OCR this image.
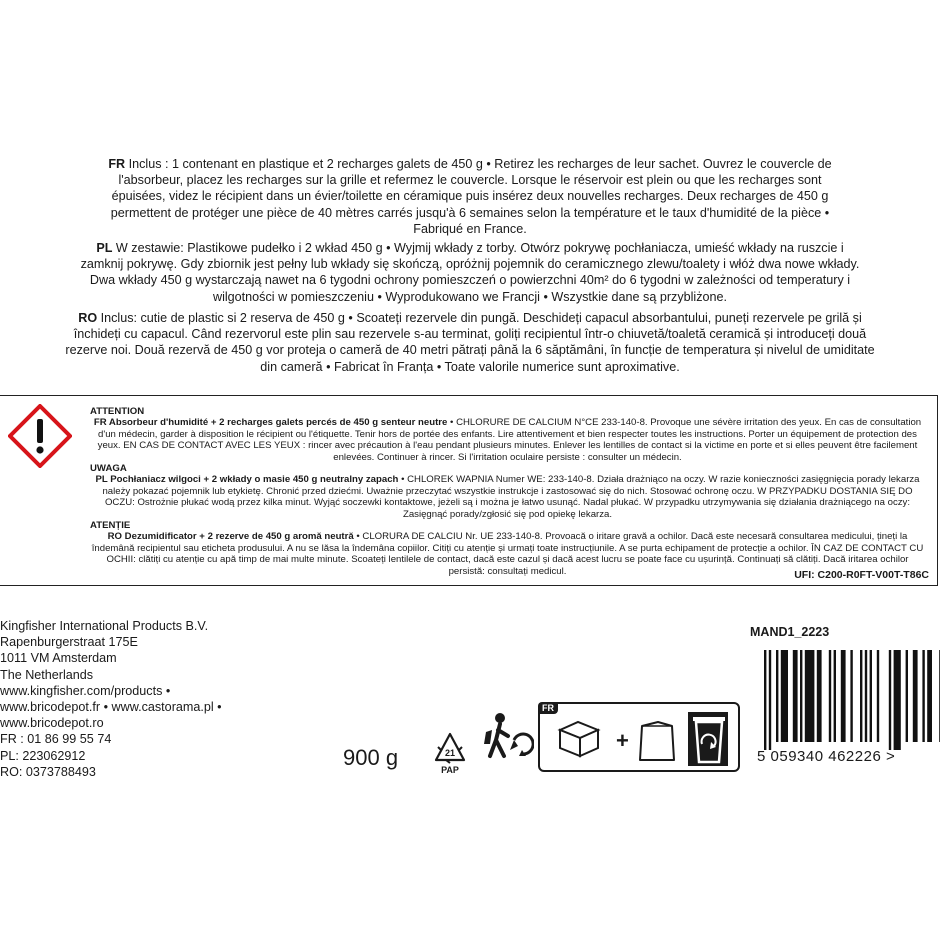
FR Inclus : 1 contenant en plastique et 2 recharges galets de 450 g • Retirez les recharges de leur sachet. Ouvrez le couvercle de
l'absorbeur, placez les recharges sur la grille et refermez le couvercle. Lorsque le réservoir est plein ou que les recharges sont
épuisées, videz le récipient dans un évier/toilette en céramique puis insérez deux nouvelles recharges. Deux recharges de 450 g
permettent de protéger une pièce de 40 mètres carrés jusqu'à 6 semaines selon la température et le taux d'humidité de la pièce •
Fabriqué en France.
PL W zestawie: Plastikowe pudełko i 2 wkład 450 g • Wyjmij wkłady z torby. Otwórz pokrywę pochłaniacza, umieść wkłady na ruszcie i
zamknij pokrywę. Gdy zbiornik jest pełny lub wkłady się skończą, opróżnij pojemnik do ceramicznego zlewu/toalety i włóż dwa nowe wkłady.
Dwa wkłady 450 g wystarczają nawet na 6 tygodni ochrony pomieszczeń o powierzchni 40m² do 6 tygodni w zależności od temperatury i
wilgotności w pomieszczeniu • Wyprodukowano we Francji • Wszystkie dane są przybliżone.
RO Inclus: cutie de plastic si 2 reserva de 450 g • Scoateți rezervele din pungă. Deschideți capacul absorbantului, puneți rezervele pe grilă și
închideți cu capacul. Când rezervorul este plin sau rezervele s-au terminat, goliți recipientul într-o chiuvetă/toaletă ceramică și introduceți două
rezerve noi. Două rezervă de 450 g vor proteja o cameră de 40 metri pătrați până la 6 săptămâni, în funcție de temperatura și nivelul de umiditate
din cameră • Fabricat în Franța • Toate valorile numerice sunt aproximative.
ATTENTION
FR Absorbeur d'humidité + 2 recharges galets percés de 450 g senteur neutre • CHLORURE DE CALCIUM N°CE 233-140-8. Provoque une sévère irritation des yeux. En cas de consultation d'un médecin, garder à disposition le récipient ou l'étiquette. Tenir hors de portée des enfants. Lire attentivement et bien respecter toutes les instructions. Porter un équipement de protection des yeux. EN CAS DE CONTACT AVEC LES YEUX : rincer avec précaution à l'eau pendant plusieurs minutes. Enlever les lentilles de contact si la victime en porte et si elles peuvent être facilement enlevées. Continuer à rincer. Si l'irritation oculaire persiste : consulter un médecin.
UWAGA
PL Pochłaniacz wilgoci + 2 wkłady o masie 450 g neutralny zapach • CHLOREK WAPNIA Numer WE: 233-140-8. Działa drażniąco na oczy. W razie konieczności zasięgnięcia porady lekarza należy pokazać pojemnik lub etykietę. Chronić przed dziećmi. Uważnie przeczytać wszystkie instrukcje i zastosować się do nich. Stosować ochronę oczu. W PRZYPADKU DOSTANIA SIĘ DO OCZU: Ostrożnie płukać wodą przez kilka minut. Wyjąć soczewki kontaktowe, jeżeli są i można je łatwo usunąć. Nadal płukać. W przypadku utrzymywania się działania drażniącego na oczy: Zasięgnąć porady/zgłosić się pod opiekę lekarza.
ATENȚIE
RO Dezumidificator + 2 rezerve de 450 g aromă neutră • CLORURA DE CALCIU Nr. UE 233-140-8. Provoacă o iritare gravă a ochilor. Dacă este necesară consultarea medicului, țineți la îndemână recipientul sau eticheta produsului. A nu se lăsa la îndemâna copiilor. Citiți cu atenție și urmați toate instrucțiunile. A se purta echipament de protecție a ochilor. ÎN CAZ DE CONTACT CU OCHII: clătiți cu atenție cu apă timp de mai multe minute. Scoateți lentilele de contact, dacă este cazul și dacă acest lucru se poate face cu ușurință. Continuați să clătiți. Dacă iritarea ochilor persistă: consultați medicul.	UFI: C200-R0FT-V00T-T86C
Kingfisher International Products B.V.
Rapenburgerstraat 175E
1011 VM Amsterdam
The Netherlands
www.kingfisher.com/products •
www.bricodepot.fr • www.castorama.pl •
www.bricodepot.ro
FR : 01 86 99 55 74
PL: 223062912
RO: 0373788493
900 g	21
PAP
FR
+
MAND1_2223
5 059340 462226 >
